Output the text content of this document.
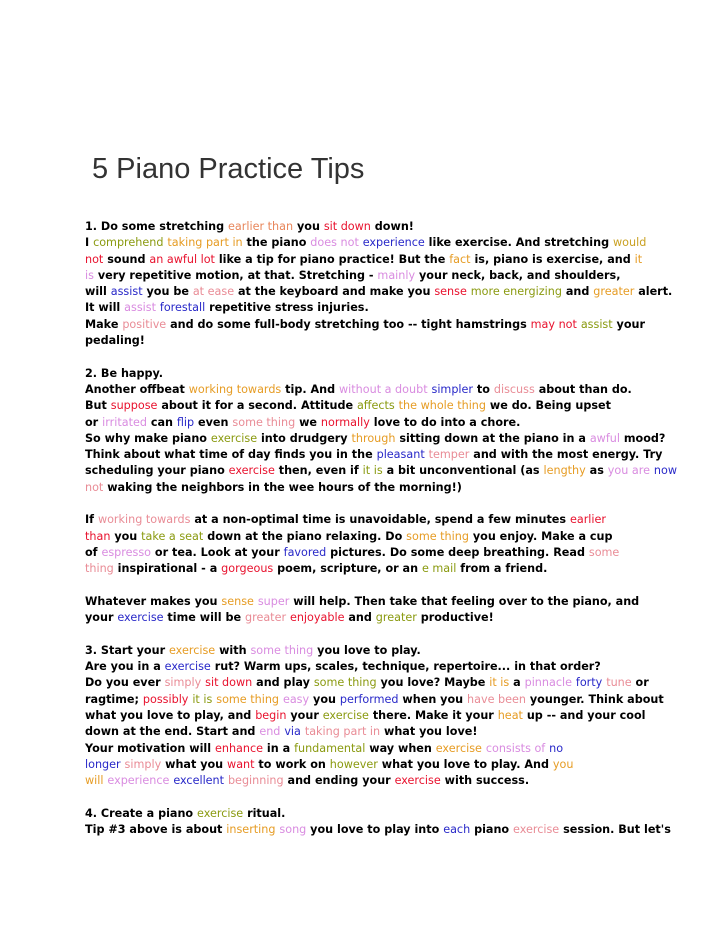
5 Piano Practice Tips
1. Do some stretching earlier than you sit down down!
I comprehend taking part in the piano does not experience like exercise. And stretching would
not sound an awful lot like a tip for piano practice! But the fact is, piano is exercise, and it
is very repetitive motion, at that. Stretching - mainly your neck, back, and shoulders,
will assist you be at ease at the keyboard and make you sense more energizing and greater alert.
It will assist forestall repetitive stress injuries.
Make positive and do some full-body stretching too -- tight hamstrings may not assist your
pedaling!
2. Be happy.
Another offbeat working towards tip. And without a doubt simpler to discuss about than do.
But suppose about it for a second. Attitude affects the whole thing we do. Being upset
or irritated can flip even some thing we normally love to do into a chore.
So why make piano exercise into drudgery through sitting down at the piano in a awful mood?
Think about what time of day finds you in the pleasant temper and with the most energy. Try
scheduling your piano exercise then, even if it is a bit unconventional (as lengthy as you are now
not waking the neighbors in the wee hours of the morning!)
If working towards at a non-optimal time is unavoidable, spend a few minutes earlier
than you take a seat down at the piano relaxing. Do some thing you enjoy. Make a cup
of espresso or tea. Look at your favored pictures. Do some deep breathing. Read some
thing inspirational - a gorgeous poem, scripture, or an e mail from a friend.
Whatever makes you sense super will help. Then take that feeling over to the piano, and
your exercise time will be greater enjoyable and greater productive!
3. Start your exercise with some thing you love to play.
Are you in a exercise rut? Warm ups, scales, technique, repertoire... in that order?
Do you ever simply sit down and play some thing you love? Maybe it is a pinnacle forty tune or
ragtime; possibly it is some thing easy you performed when you have been younger. Think about
what you love to play, and begin your exercise there. Make it your heat up -- and your cool
down at the end. Start and end via taking part in what you love!
Your motivation will enhance in a fundamental way when exercise consists of no
longer simply what you want to work on however what you love to play. And you
will experience excellent beginning and ending your exercise with success.
4. Create a piano exercise ritual.
Tip #3 above is about inserting song you love to play into each piano exercise session. But let's
